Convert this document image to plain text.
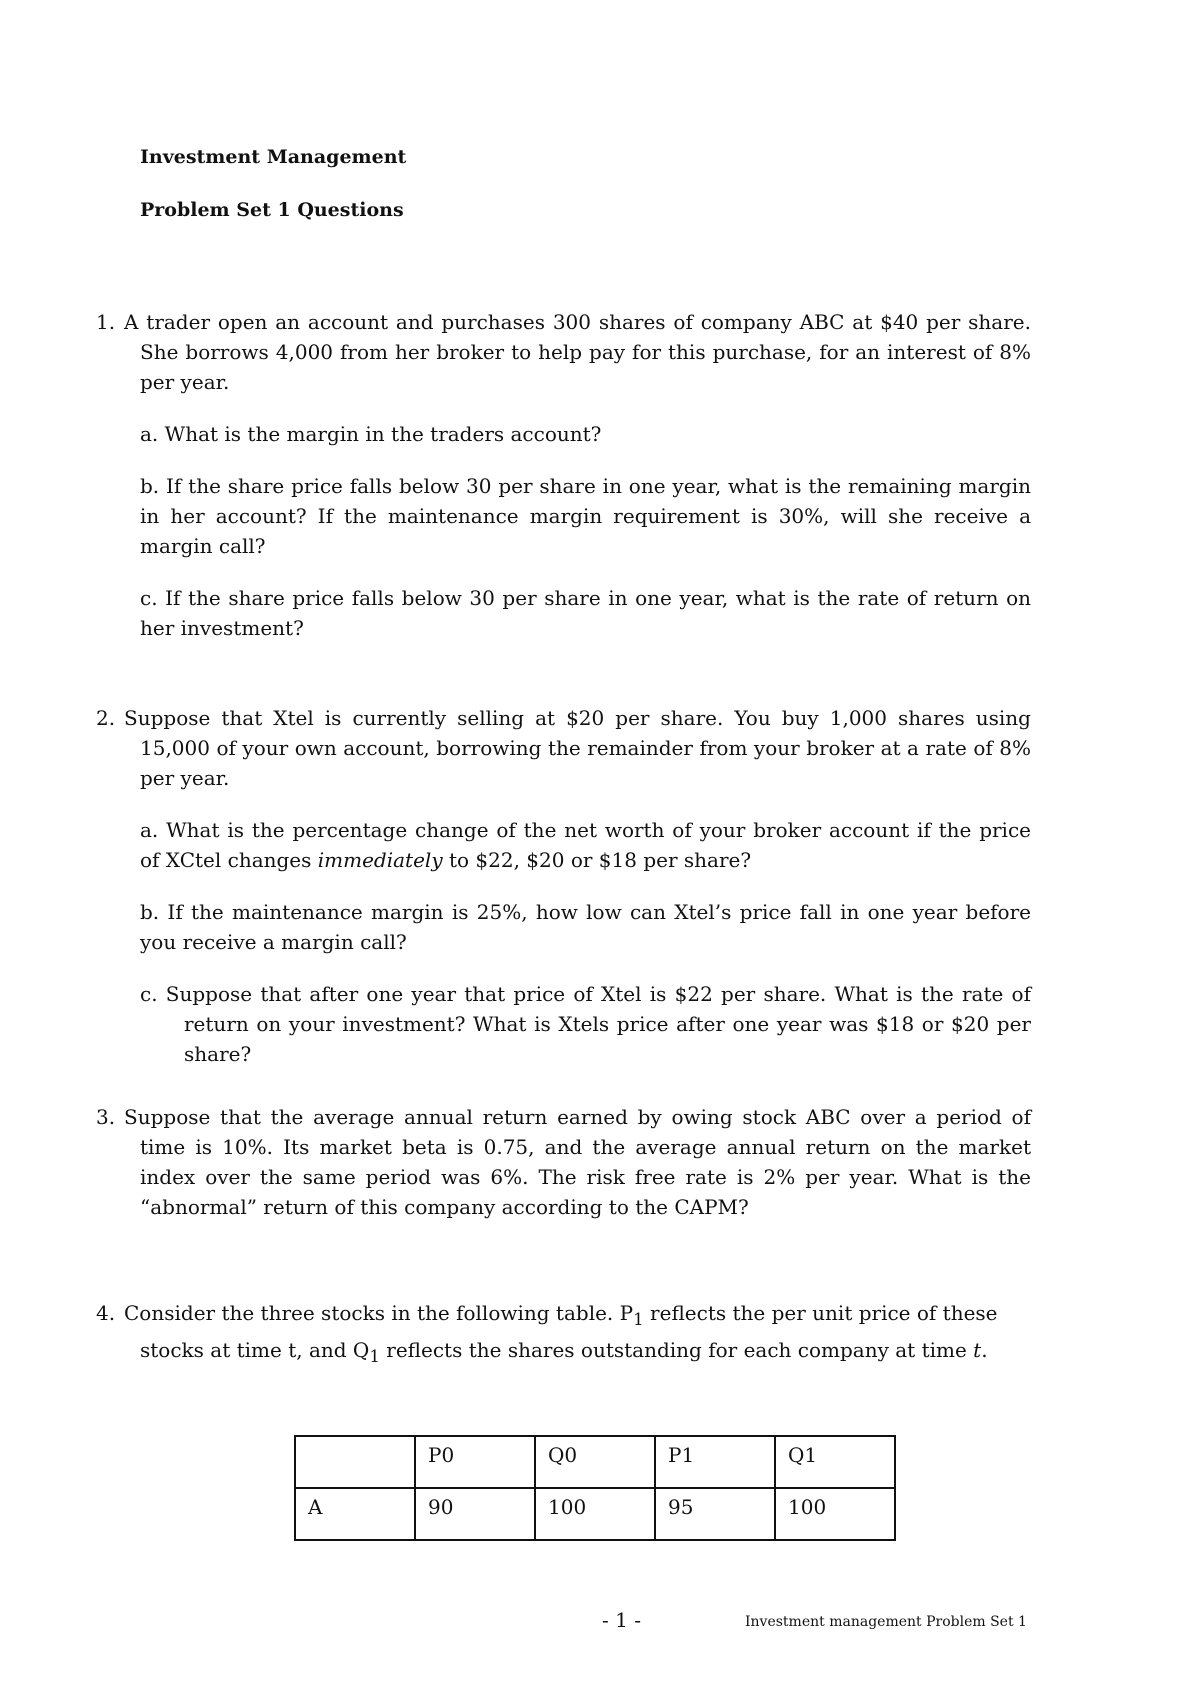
Investment Management
Problem Set 1 Questions

1. A trader open an account and purchases 300 shares of company ABC at $40 per share. She borrows 4,000 from her broker to help pay for this purchase, for an interest of 8% per year.

a. What is the margin in the traders account?
b. If the share price falls below 30 per share in one year, what is the remaining margin in her account? If the maintenance margin requirement is 30%, will she receive a margin call?
c. If the share price falls below 30 per share in one year, what is the rate of return on her investment?

2. Suppose that Xtel is currently selling at $20 per share. You buy 1,000 shares using 15,000 of your own account, borrowing the remainder from your broker at a rate of 8% per year.

a. What is the percentage change of the net worth of your broker account if the price of XCtel changes immediately to $22, $20 or $18 per share?
b. If the maintenance margin is 25%, how low can Xtel’s price fall in one year before you receive a margin call?
c. Suppose that after one year that price of Xtel is $22 per share. What is the rate of return on your investment? What is Xtels price after one year was $18 or $20 per share?

3. Suppose that the average annual return earned by owing stock ABC over a period of time is 10%. Its market beta is 0.75, and the average annual return on the market index over the same period was 6%. The risk free rate is 2% per year. What is the “abnormal” return of this company according to the CAPM?

4. Consider the three stocks in the following table. $P_1$ reflects the per unit price of these stocks at time t, and $Q_1$ reflects the shares outstanding for each company at time t.

	P0	Q0	P1	Q1
A	90	100	95	100
- 1 -	Investment management Problem Set 1
